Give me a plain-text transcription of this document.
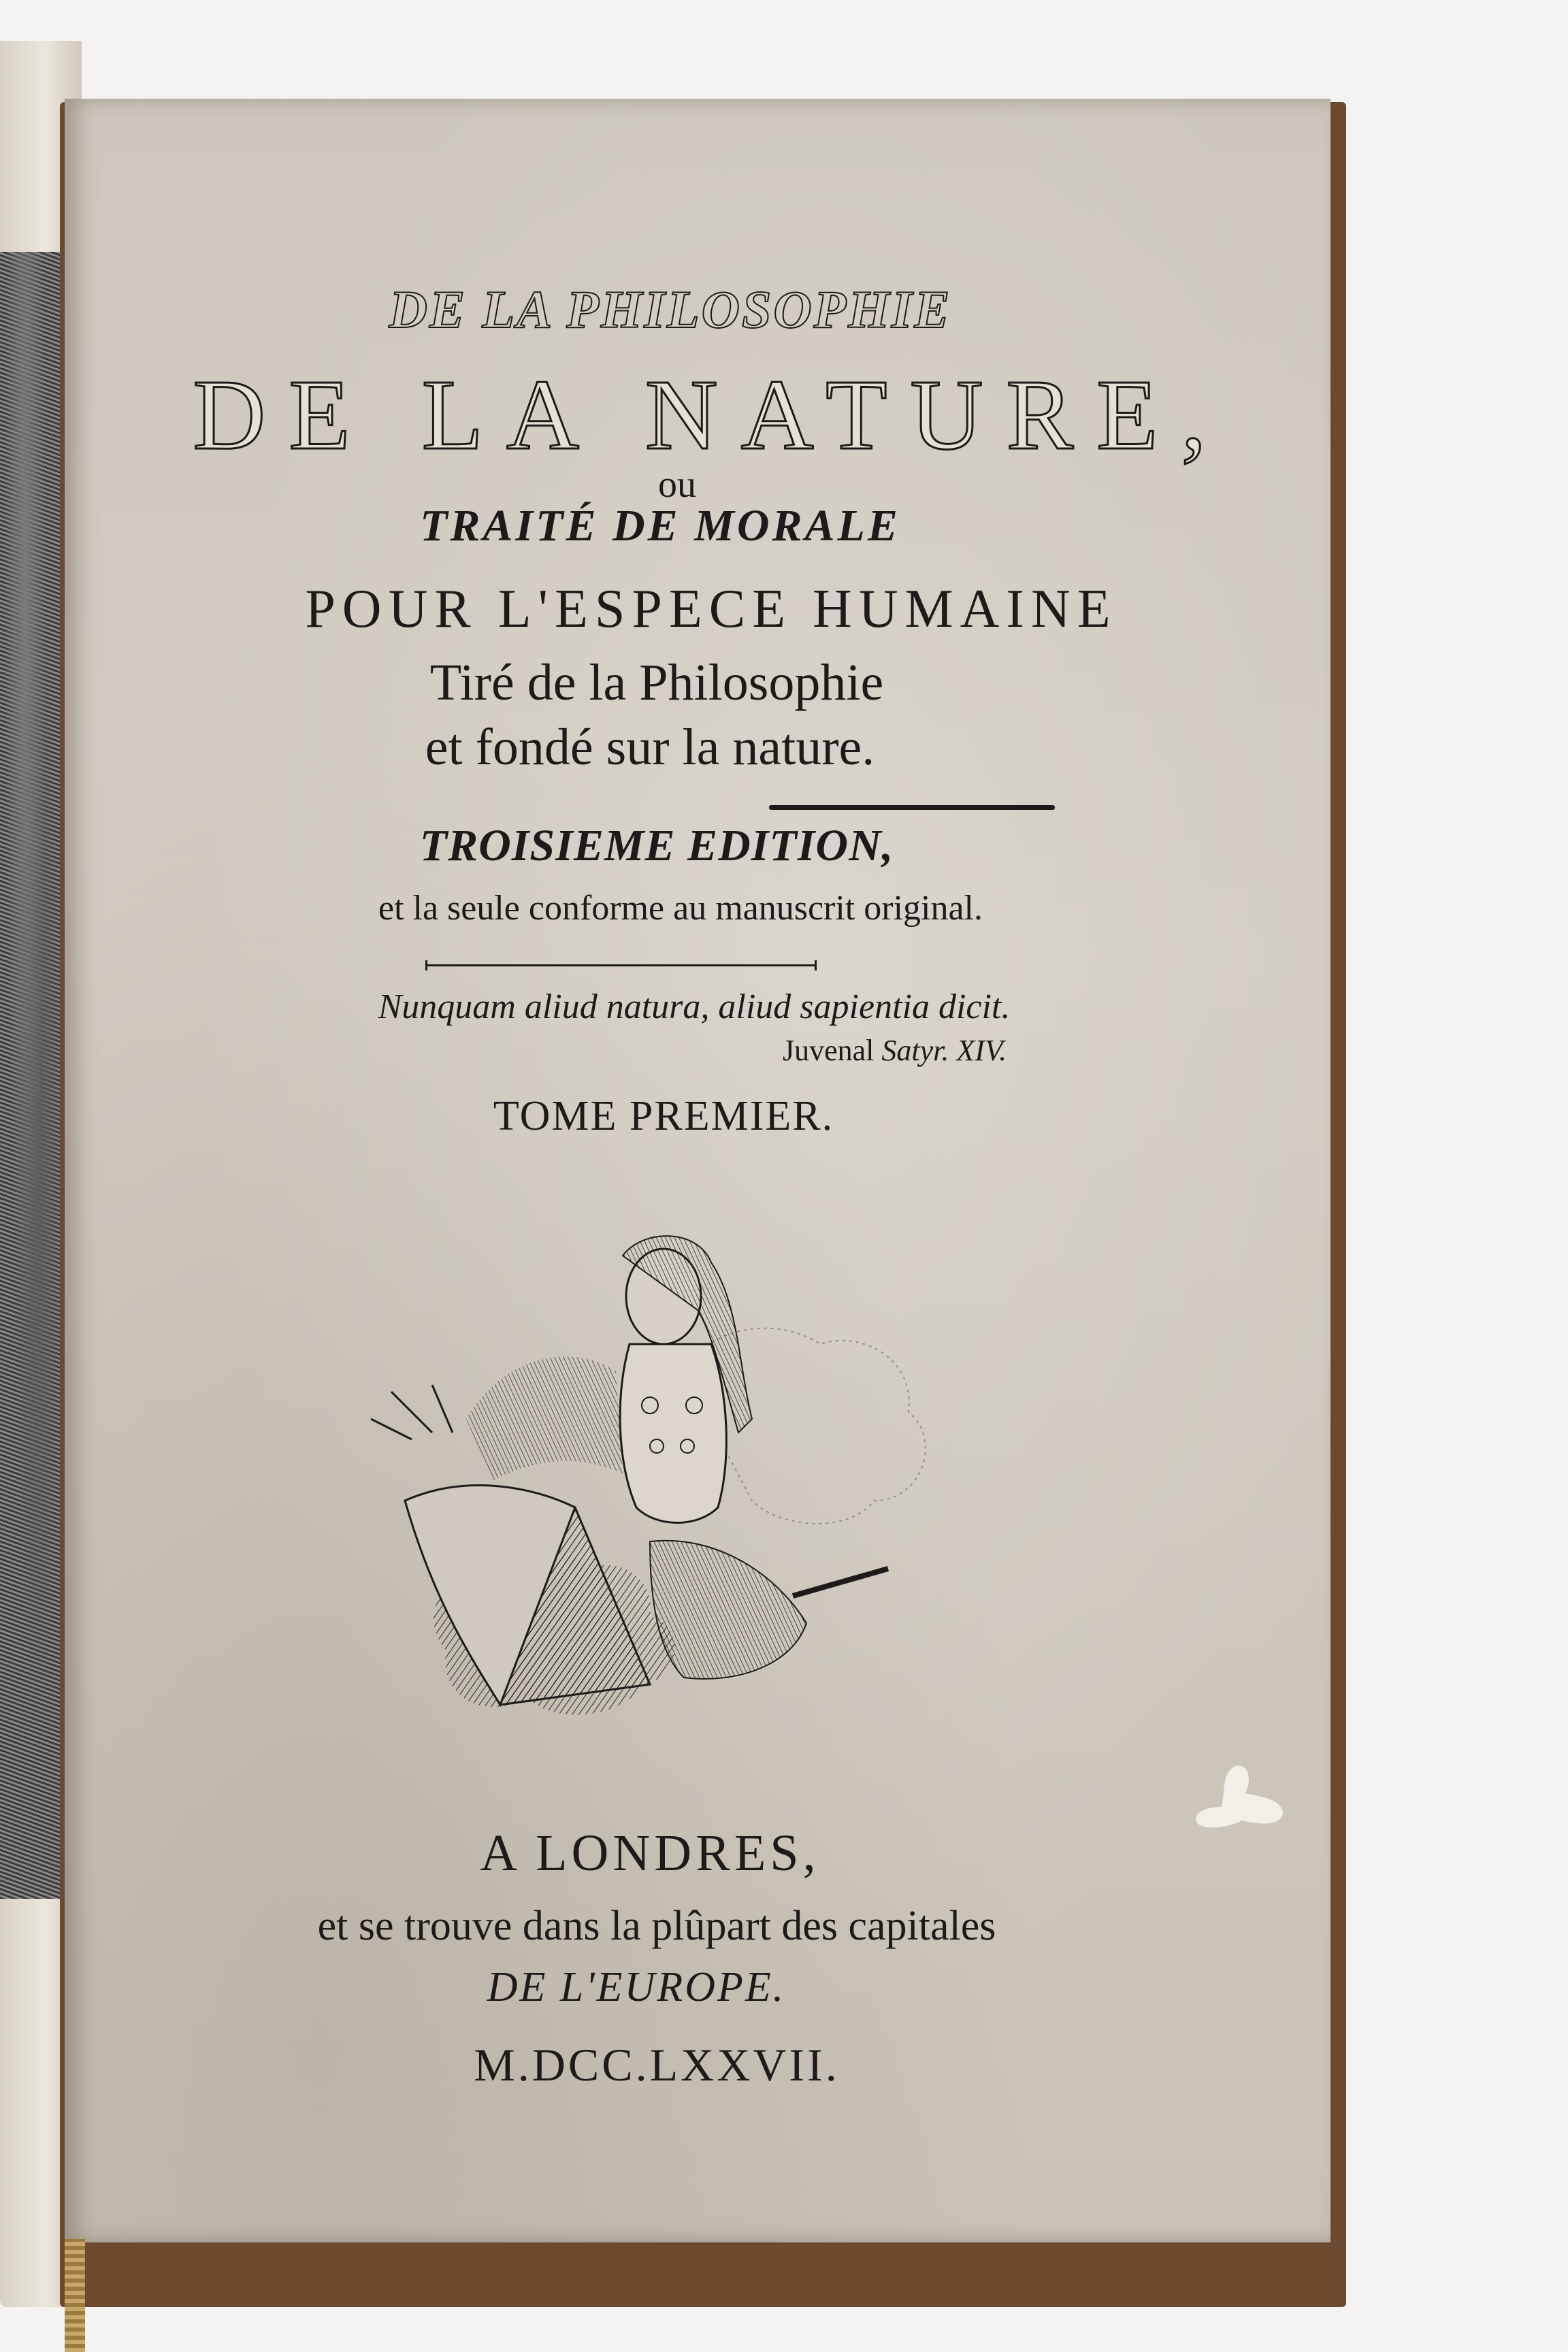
DE LA PHILOSOPHIE
DE LA NATURE,
ou
TRAITÉ DE MORALE
POUR L'ESPECE HUMAINE
Tiré de la Philosophie
et fondé sur la nature.
TROISIEME EDITION,
et la seule conforme au manuscrit original.
Nunquam aliud natura, aliud sapientia dicit.
Juvenal Satyr. XIV.
TOME PREMIER.
A LONDRES,
et se trouve dans la plûpart des capitales
DE L'EUROPE.
M.DCC.LXXVII.
